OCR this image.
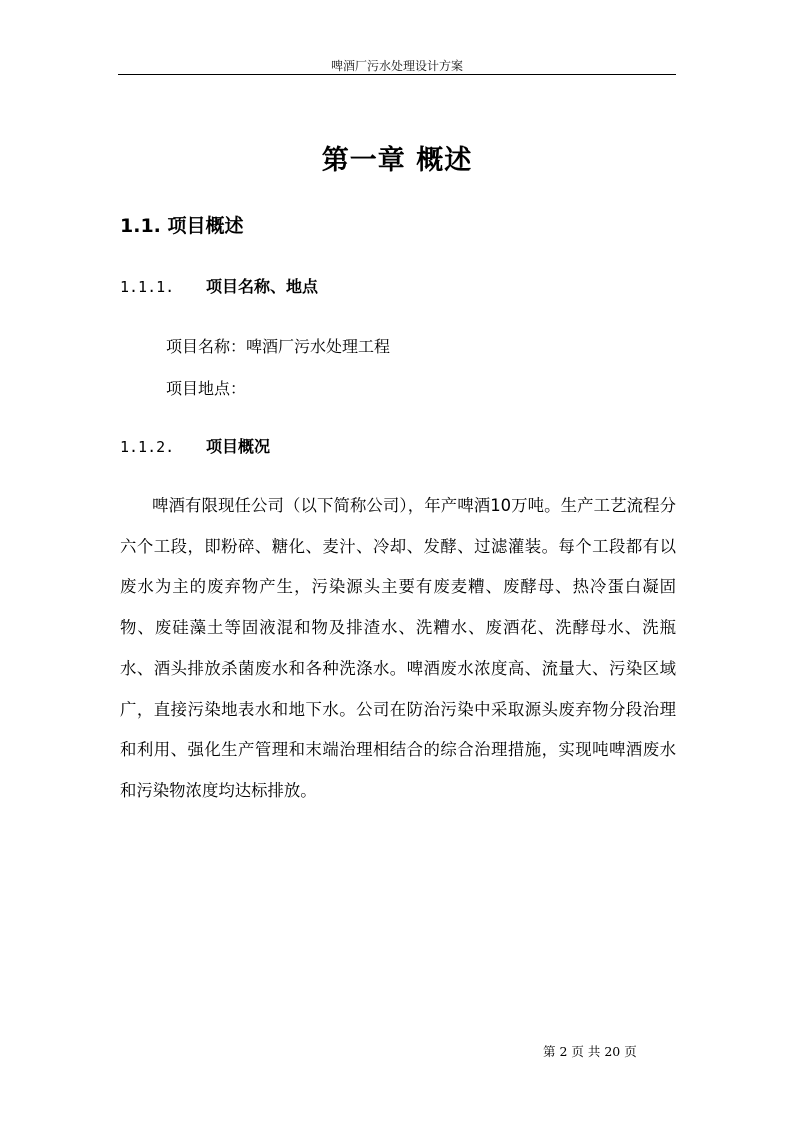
啤酒厂污水处理设计方案
第一章 概述
1.1. 项目概述
1.1.1. 项目名称、地点
项目名称：啤酒厂污水处理工程
项目地点：
1.1.2. 项目概况

啤酒有限现任公司（以下简称公司），年产啤酒10万吨。生产工艺流程分六个工段，即粉碎、糖化、麦汁、冷却、发酵、过滤灌装。每个工段都有以废水为主的废弃物产生，污染源头主要有废麦糟、废酵母、热冷蛋白凝固物、废硅藻土等固液混和物及排渣水、洗糟水、废酒花、洗酵母水、洗瓶水、酒头排放杀菌废水和各种洗涤水。啤酒废水浓度高、流量大、污染区域广，直接污染地表水和地下水。公司在防治污染中采取源头废弃物分段治理和利用、强化生产管理和末端治理相结合的综合治理措施，实现吨啤酒废水和污染物浓度均达标排放。

第 2 页 共 20 页
